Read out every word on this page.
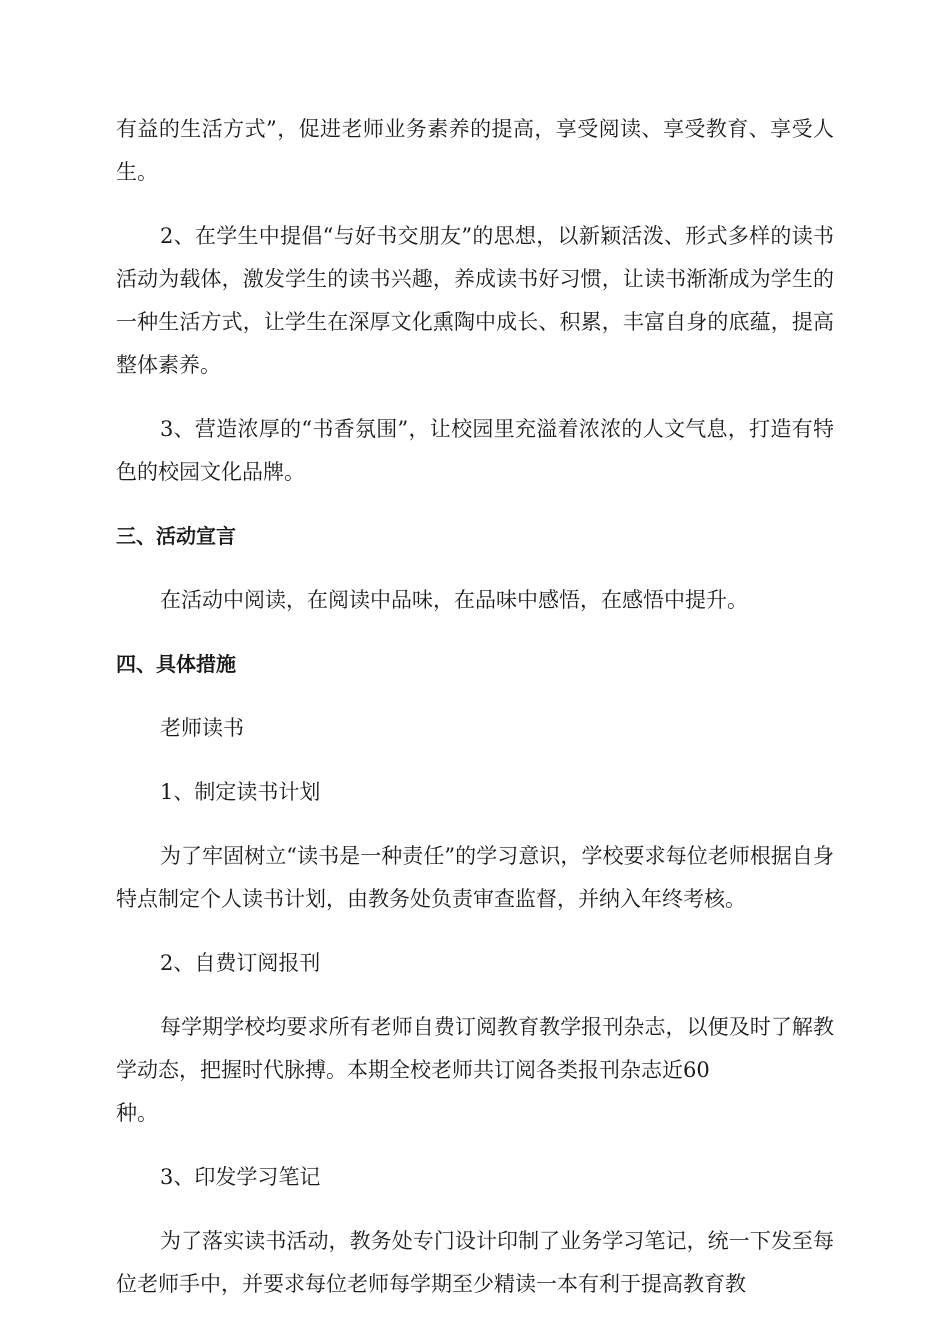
有益的生活方式”，促进老师业务素养的提高，享受阅读、享受教育、享受人生。

2、在学生中提倡“与好书交朋友”的思想，以新颖活泼、形式多样的读书活动为载体，激发学生的读书兴趣，养成读书好习惯，让读书渐渐成为学生的一种生活方式，让学生在深厚文化熏陶中成长、积累，丰富自身的底蕴，提高整体素养。

3、营造浓厚的“书香氛围”，让校园里充溢着浓浓的人文气息，打造有特色的校园文化品牌。

三、活动宣言

在活动中阅读，在阅读中品味，在品味中感悟，在感悟中提升。

四、具体措施

老师读书

1、制定读书计划

为了牢固树立“读书是一种责任”的学习意识，学校要求每位老师根据自身特点制定个人读书计划，由教务处负责审查监督，并纳入年终考核。

2、自费订阅报刊

每学期学校均要求所有老师自费订阅教育教学报刊杂志，以便及时了解教学动态，把握时代脉搏。本期全校老师共订阅各类报刊杂志近60
种。

3、印发学习笔记

为了落实读书活动，教务处专门设计印制了业务学习笔记，统一下发至每位老师手中，并要求每位老师每学期至少精读一本有利于提高教育教
